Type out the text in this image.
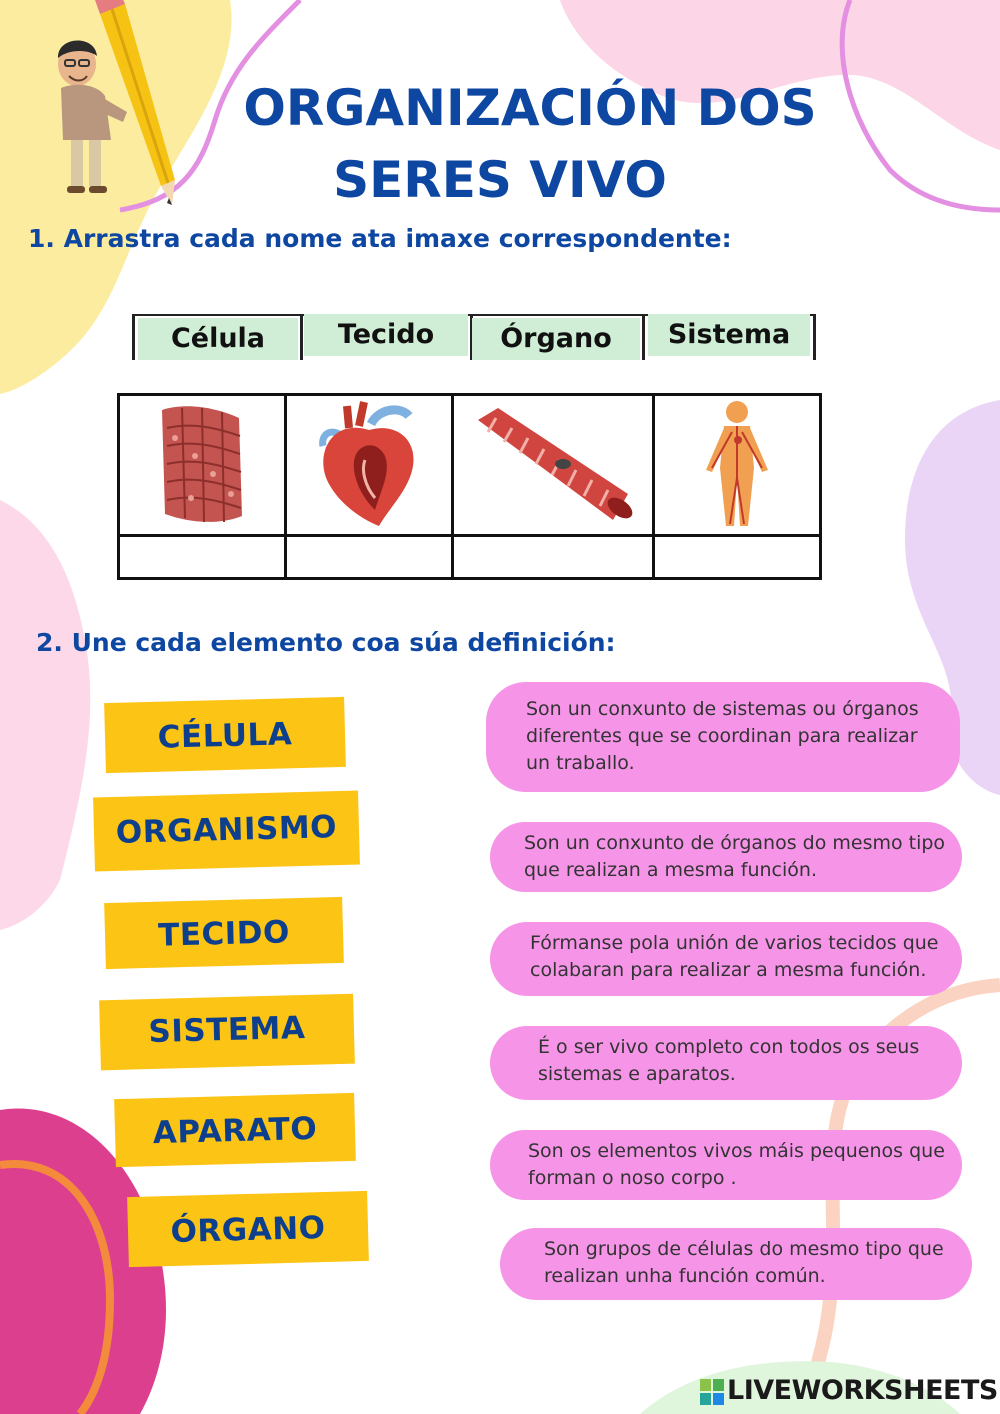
ORGANIZACIÓN DOS
SERES VIVO
1. Arrastra cada nome ata imaxe correspondente:
Célula	Tecido	Órgano	Sistema

2. Une cada elemento coa súa definición:
CÉLULA
ORGANISMO
TECIDO
SISTEMA
APARATO
ÓRGANO
Son un conxunto de sistemas ou órganos
diferentes que se coordinan para realizar
un traballo.
Son un conxunto de órganos do mesmo tipo
que realizan a mesma función.
Fórmanse pola unión de varios tecidos que
colabaran para realizar a mesma función.
É o ser vivo completo con todos os seus
sistemas e aparatos.
Son os elementos vivos máis pequenos que
forman o noso corpo .
Son grupos de células do mesmo tipo que
realizan unha función común.
LIVEWORKSHEETS
